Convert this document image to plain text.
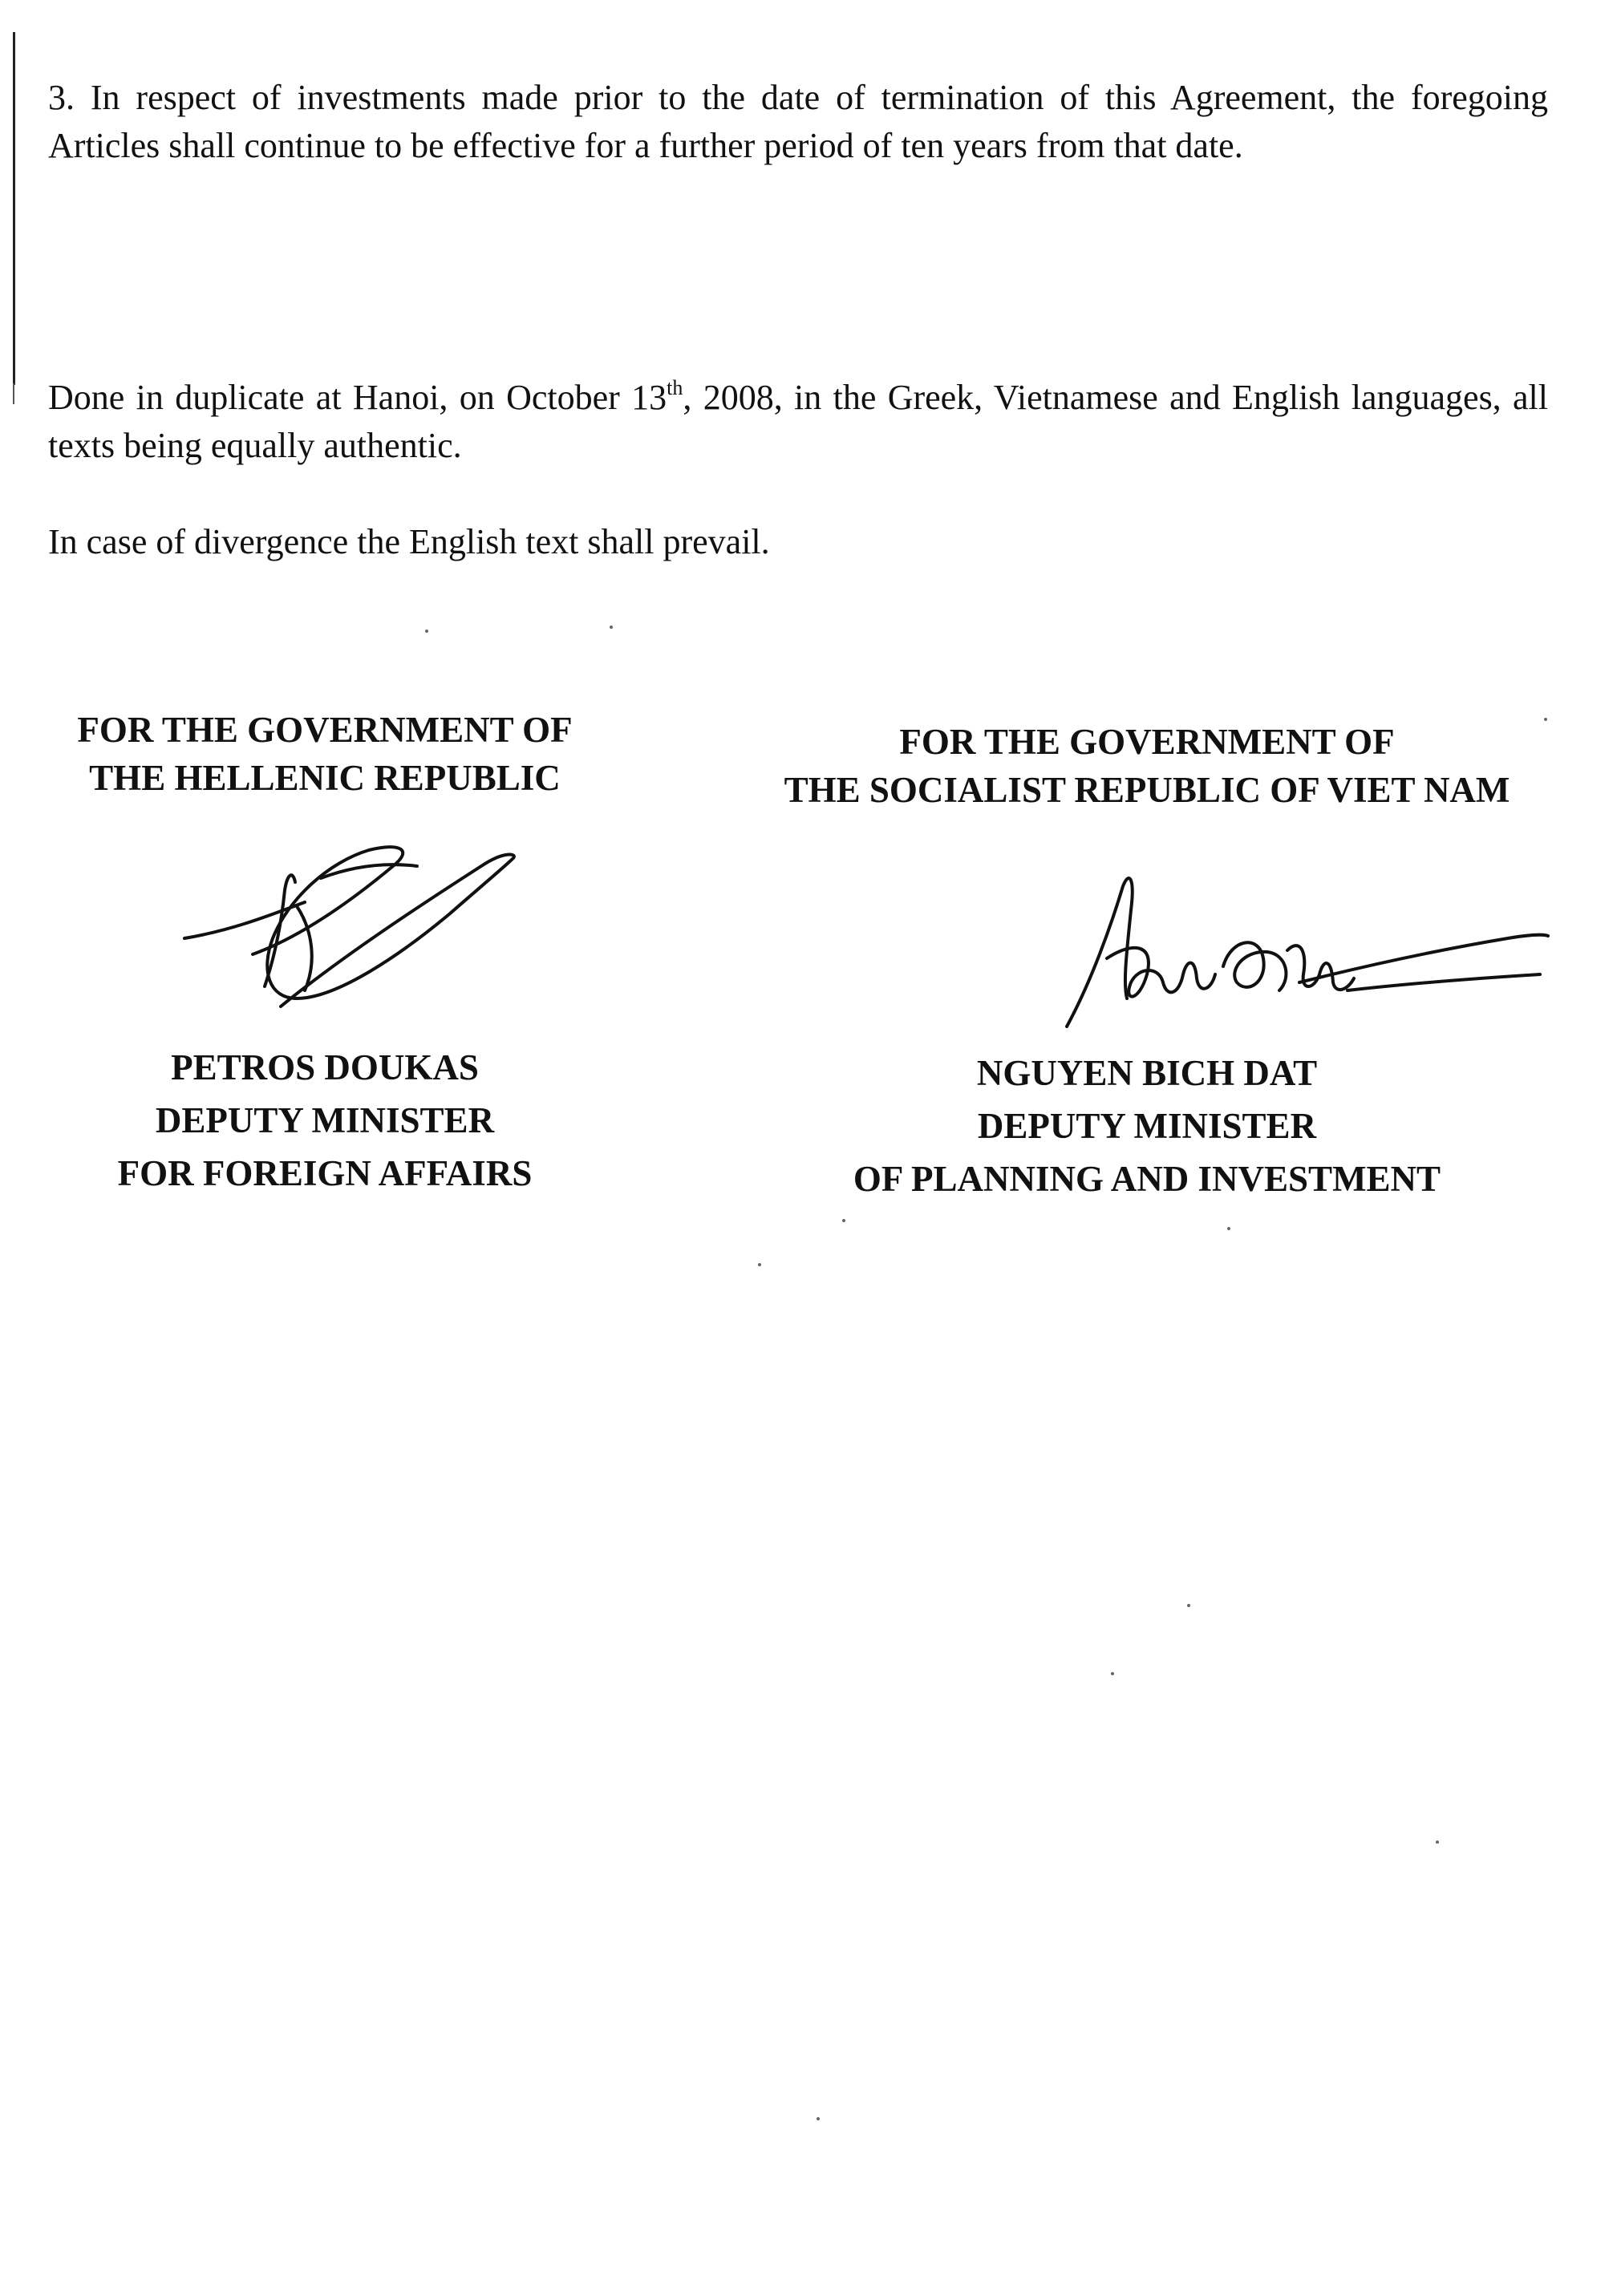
3. In respect of investments made prior to the date of termination of this Agreement, the foregoing Articles shall continue to be effective for a further period of ten years from that date.

Done in duplicate at Hanoi, on October 13th, 2008, in the Greek, Vietnamese and English languages, all texts being equally authentic.

In case of divergence the English text shall prevail.

FOR THE GOVERNMENT OF
THE HELLENIC REPUBLIC
PETROS DOUKAS
DEPUTY MINISTER
FOR FOREIGN AFFAIRS
FOR THE GOVERNMENT OF
THE SOCIALIST REPUBLIC OF VIET NAM
NGUYEN BICH DAT
DEPUTY MINISTER
OF PLANNING AND INVESTMENT
